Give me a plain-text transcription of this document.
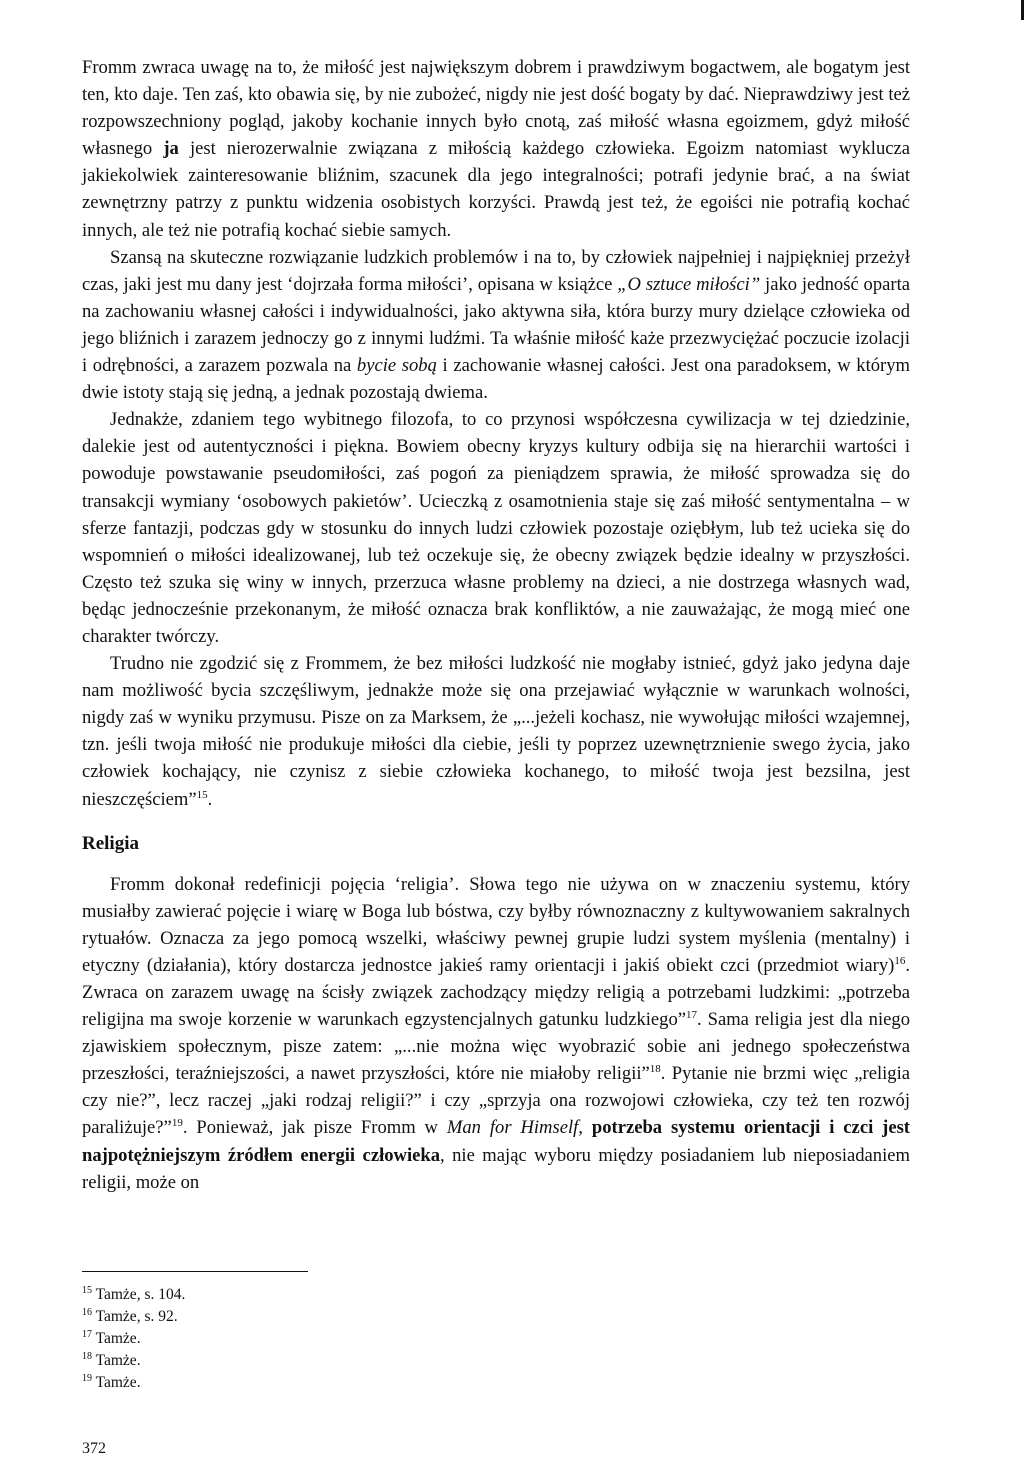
Fromm zwraca uwagę na to, że miłość jest największym dobrem i prawdziwym bogactwem, ale bogatym jest ten, kto daje. Ten zaś, kto obawia się, by nie zubożeć, nigdy nie jest dość bogaty by dać. Nieprawdziwy jest też rozpowszechniony pogląd, jakoby kochanie innych było cnotą, zaś miłość własna egoizmem, gdyż miłość własnego ja jest nierozerwalnie związana z miłością każdego człowieka. Egoizm natomiast wyklucza jakiekolwiek zainteresowanie bliźnim, szacunek dla jego integralności; potrafi jedynie brać, a na świat zewnętrzny patrzy z punktu widzenia osobistych korzyści. Prawdą jest też, że egoiści nie potrafią kochać innych, ale też nie potrafią kochać siebie samych.

Szansą na skuteczne rozwiązanie ludzkich problemów i na to, by człowiek najpełniej i najpiękniej przeżył czas, jaki jest mu dany jest ‘dojrzała forma miłości’, opisana w książce „O sztuce miłości” jako jedność oparta na zachowaniu własnej całości i indywidualności, jako aktywna siła, która burzy mury dzielące człowieka od jego bliźnich i zarazem jednoczy go z innymi ludźmi. Ta właśnie miłość każe przezwyciężać poczucie izolacji i odrębności, a zarazem pozwala na bycie sobą i zachowanie własnej całości. Jest ona paradoksem, w którym dwie istoty stają się jedną, a jednak pozostają dwiema.

Jednakże, zdaniem tego wybitnego filozofa, to co przynosi współczesna cywilizacja w tej dziedzinie, dalekie jest od autentyczności i piękna. Bowiem obecny kryzys kultury odbija się na hierarchii wartości i powoduje powstawanie pseudomiłości, zaś pogoń za pieniądzem sprawia, że miłość sprowadza się do transakcji wymiany ‘osobowych pakietów’. Ucieczką z osamotnienia staje się zaś miłość sentymentalna – w sferze fantazji, podczas gdy w stosunku do innych ludzi człowiek pozostaje oziębłym, lub też ucieka się do wspomnień o miłości idealizowanej, lub też oczekuje się, że obecny związek będzie idealny w przyszłości. Często też szuka się winy w innych, przerzuca własne problemy na dzieci, a nie dostrzega własnych wad, będąc jednocześnie przekonanym, że miłość oznacza brak konfliktów, a nie zauważając, że mogą mieć one charakter twórczy.

Trudno nie zgodzić się z Frommem, że bez miłości ludzkość nie mogłaby istnieć, gdyż jako jedyna daje nam możliwość bycia szczęśliwym, jednakże może się ona przejawiać wyłącznie w warunkach wolności, nigdy zaś w wyniku przymusu. Pisze on za Marksem, że „...jeżeli kochasz, nie wywołując miłości wzajemnej, tzn. jeśli twoja miłość nie produkuje miłości dla ciebie, jeśli ty poprzez uzewnętrznienie swego życia, jako człowiek kochający, nie czynisz z siebie człowieka kochanego, to miłość twoja jest bezsilna, jest nieszczęściem”$^{15}$.

Religia

Fromm dokonał redefinicji pojęcia ‘religia’. Słowa tego nie używa on w znaczeniu systemu, który musiałby zawierać pojęcie i wiarę w Boga lub bóstwa, czy byłby równoznaczny z kultywowaniem sakralnych rytuałów. Oznacza za jego pomocą wszelki, właściwy pewnej grupie ludzi system myślenia (mentalny) i etyczny (działania), który dostarcza jednostce jakieś ramy orientacji i jakiś obiekt czci (przedmiot wiary)$^{16}$. Zwraca on zarazem uwagę na ścisły związek zachodzący między religią a potrzebami ludzkimi: „potrzeba religijna ma swoje korzenie w warunkach egzystencjalnych gatunku ludzkiego”$^{17}$. Sama religia jest dla niego zjawiskiem społecznym, pisze zatem: „...nie można więc wyobrazić sobie ani jednego społeczeństwa przeszłości, teraźniejszości, a nawet przyszłości, które nie miałoby religii”$^{18}$. Pytanie nie brzmi więc „religia czy nie?”, lecz raczej „jaki rodzaj religii?” i czy „sprzyja ona rozwojowi człowieka, czy też ten rozwój paraliżuje?”$^{19}$. Ponieważ, jak pisze Fromm w Man for Himself, potrzeba systemu orientacji i czci jest najpotężniejszym źródłem energii człowieka, nie mając wyboru między posiadaniem lub nieposiadaniem religii, może on

$^{15}$ Tamże, s. 104.
$^{16}$ Tamże, s. 92.
$^{17}$ Tamże.
$^{18}$ Tamże.
$^{19}$ Tamże.
372
